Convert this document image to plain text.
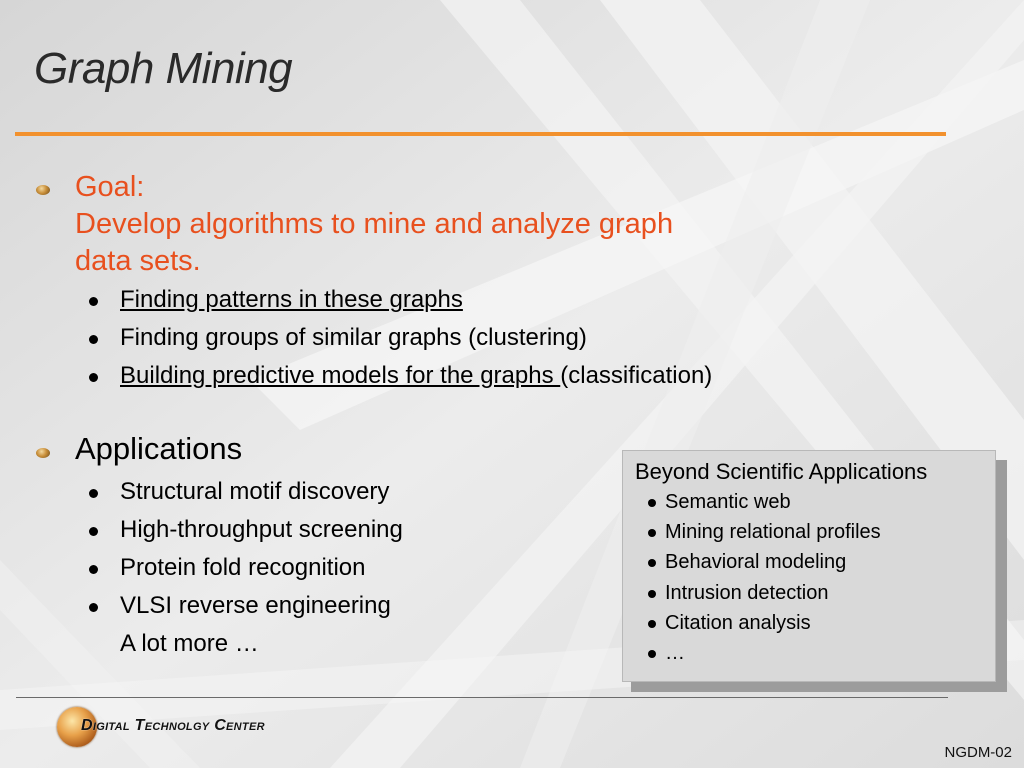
Graph Mining
Goal:
Develop algorithms to mine and analyze graph
data sets.
Finding patterns in these graphs
Finding groups of similar graphs (clustering)
Building predictive models for the graphs (classification)
Applications
Structural motif discovery
High-throughput screening
Protein fold recognition
VLSI reverse engineering
A lot more …
Beyond Scientific Applications
Semantic web
Mining relational profiles
Behavioral modeling
Intrusion detection
Citation analysis
…
Digital Technolgy Center
NGDM-02
